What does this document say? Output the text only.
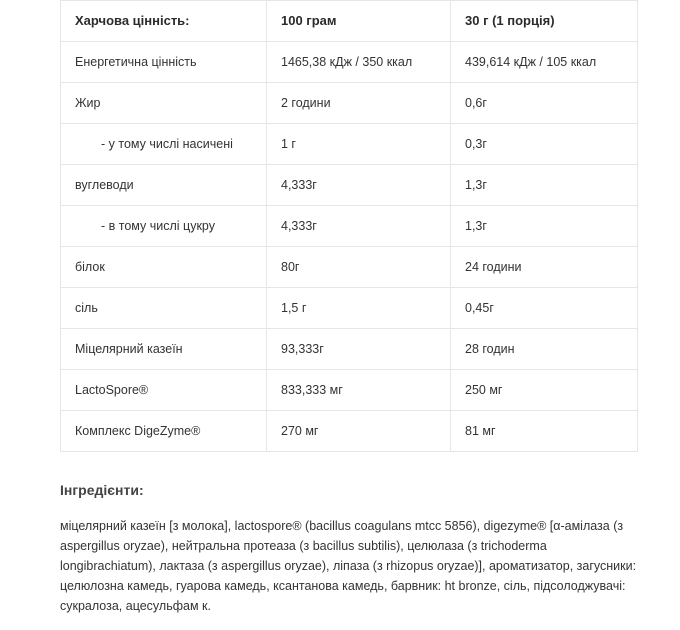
Харчова цінність:	100 грам	30 г (1 порція)
Енергетична цінність	1465,38 кДж / 350 ккал	439,614 кДж / 105 ккал
Жир	2 години	0,6г
- у тому числі насичені	1 г	0,3г
вуглеводи	4,333г	1,3г
- в тому числі цукру	4,333г	1,3г
білок	80г	24 години
сіль	1,5 г	0,45г
Міцелярний казеїн	93,333г	28 годин
LactoSpore®	833,333 мг	250 мг
Комплекс DigeZyme®	270 мг	81 мг
Інгредієнти:

міцелярний казеїн [з молока], lactospore® (bacillus coagulans mtcc 5856), digezyme® [α-амілаза (з aspergillus oryzae), нейтральна протеаза (з bacillus subtilis), целюлаза (з trichoderma longibrachiatum), лактаза (з aspergillus oryzae), ліпаза (з rhizopus oryzae)], ароматизатор, загусники: целюлозна камедь, гуарова камедь, ксантанова камедь, барвник: ht bronze, сіль, підсолоджувачі: сукралоза, ацесульфам к.
